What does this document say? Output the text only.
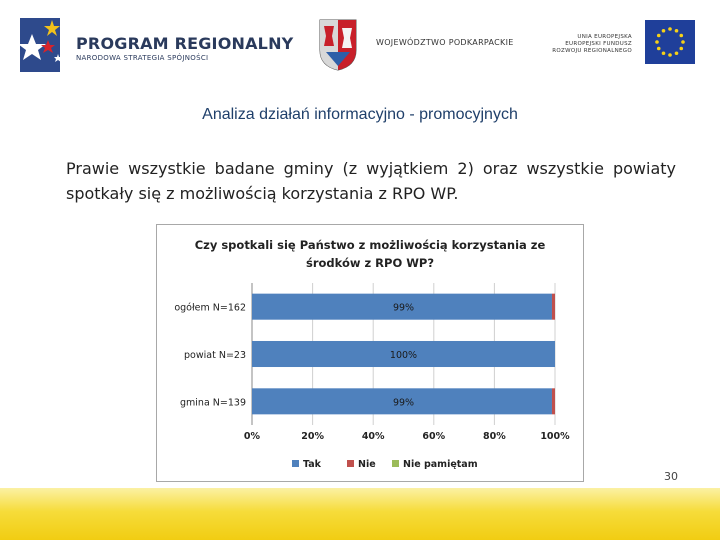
PROGRAM REGIONALNY
NARODOWA STRATEGIA SPÓJNOŚCI
WOJEWÓDZTWO PODKARPACKIE
UNIA EUROPEJSKA
EUROPEJSKI FUNDUSZ
ROZWOJU REGIONALNEGO
Analiza działań informacyjno - promocyjnych
Prawie wszystkie badane gminy (z wyjątkiem 2) oraz wszystkie powiaty spotkały się z możliwością korzystania z RPO WP.
Czy spotkali się Państwo z możliwością korzystania ze
środków z RPO WP?
0%	20%	40%	60%	80%	100%
ogółem N=162	99%
powiat N=23	100%
gmina N=139	99%
Tak	Nie	Nie pamiętam
30
